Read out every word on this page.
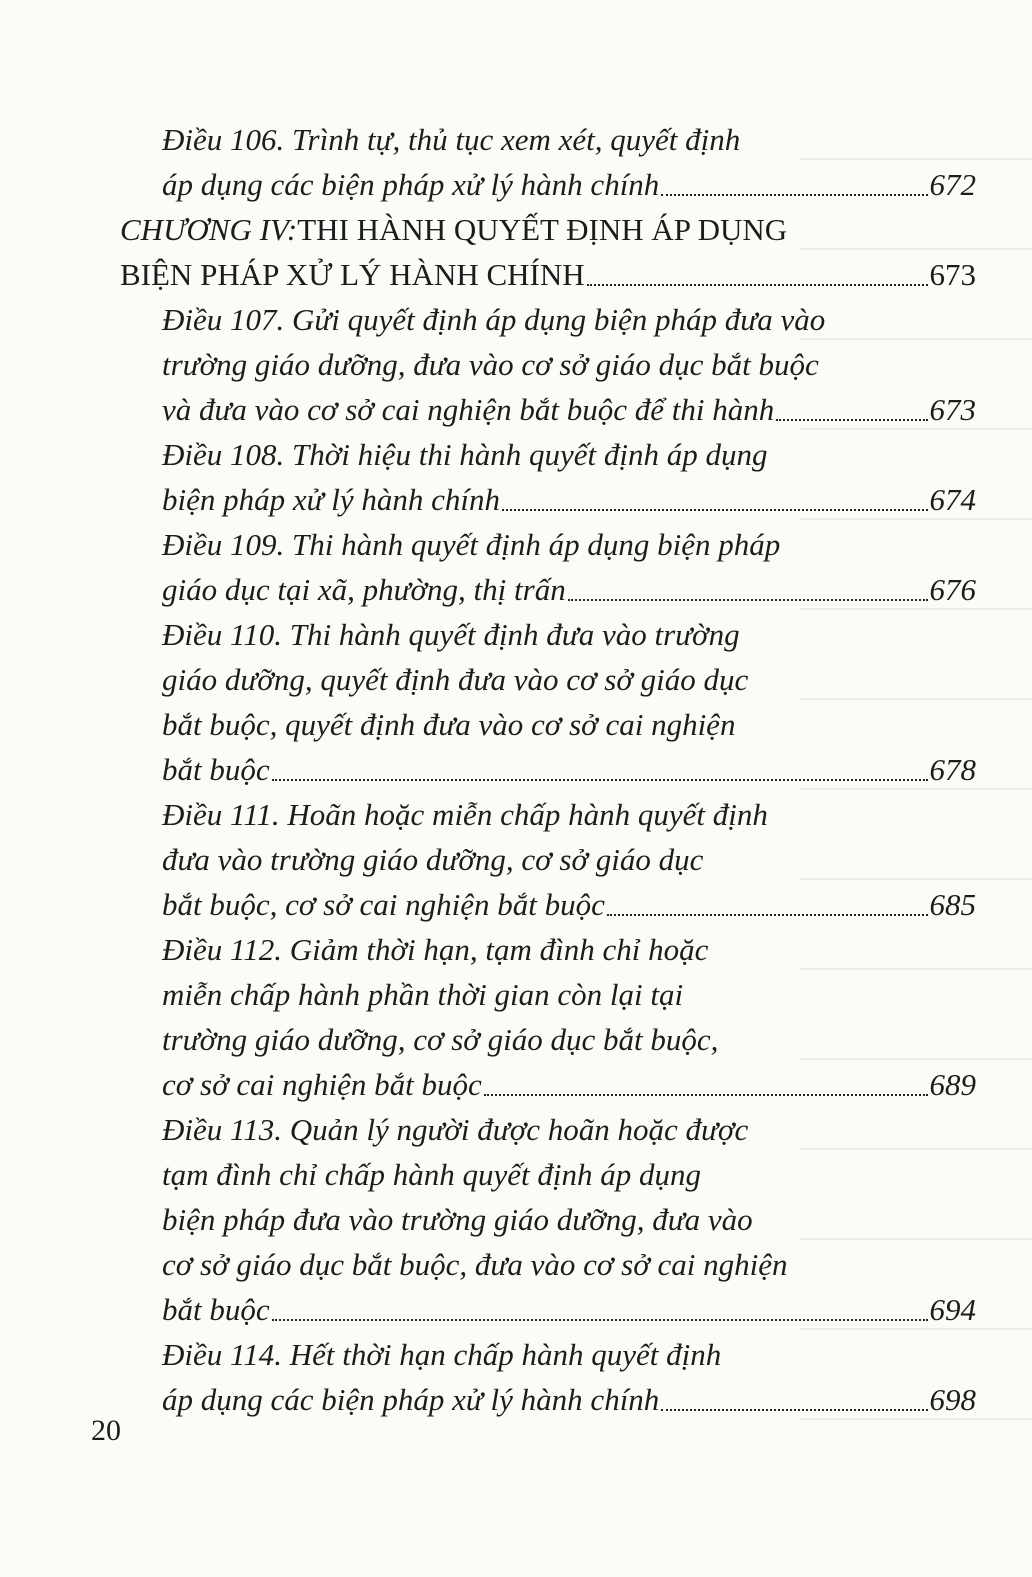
Điều 106. Trình tự, thủ tục xem xét, quyết định
áp dụng các biện pháp xử lý hành chính	672
CHƯƠNG IV: THI HÀNH QUYẾT ĐỊNH ÁP DỤNG
BIỆN PHÁP XỬ LÝ HÀNH CHÍNH	673
Điều 107. Gửi quyết định áp dụng biện pháp đưa vào
trường giáo dưỡng, đưa vào cơ sở giáo dục bắt buộc
và đưa vào cơ sở cai nghiện bắt buộc để thi hành	673
Điều 108. Thời hiệu thi hành quyết định áp dụng
biện pháp xử lý hành chính	674
Điều 109. Thi hành quyết định áp dụng biện pháp
giáo dục tại xã, phường, thị trấn	676
Điều 110. Thi hành quyết định đưa vào trường
giáo dưỡng, quyết định đưa vào cơ sở giáo dục
bắt buộc, quyết định đưa vào cơ sở cai nghiện
bắt buộc	678
Điều 111. Hoãn hoặc miễn chấp hành quyết định
đưa vào trường giáo dưỡng, cơ sở giáo dục
bắt buộc, cơ sở cai nghiện bắt buộc	685
Điều 112. Giảm thời hạn, tạm đình chỉ hoặc
miễn chấp hành phần thời gian còn lại tại
trường giáo dưỡng, cơ sở giáo dục bắt buộc,
cơ sở cai nghiện bắt buộc	689
Điều 113. Quản lý người được hoãn hoặc được
tạm đình chỉ chấp hành quyết định áp dụng
biện pháp đưa vào trường giáo dưỡng, đưa vào
cơ sở giáo dục bắt buộc, đưa vào cơ sở cai nghiện
bắt buộc	694
Điều 114. Hết thời hạn chấp hành quyết định
áp dụng các biện pháp xử lý hành chính	698
20
